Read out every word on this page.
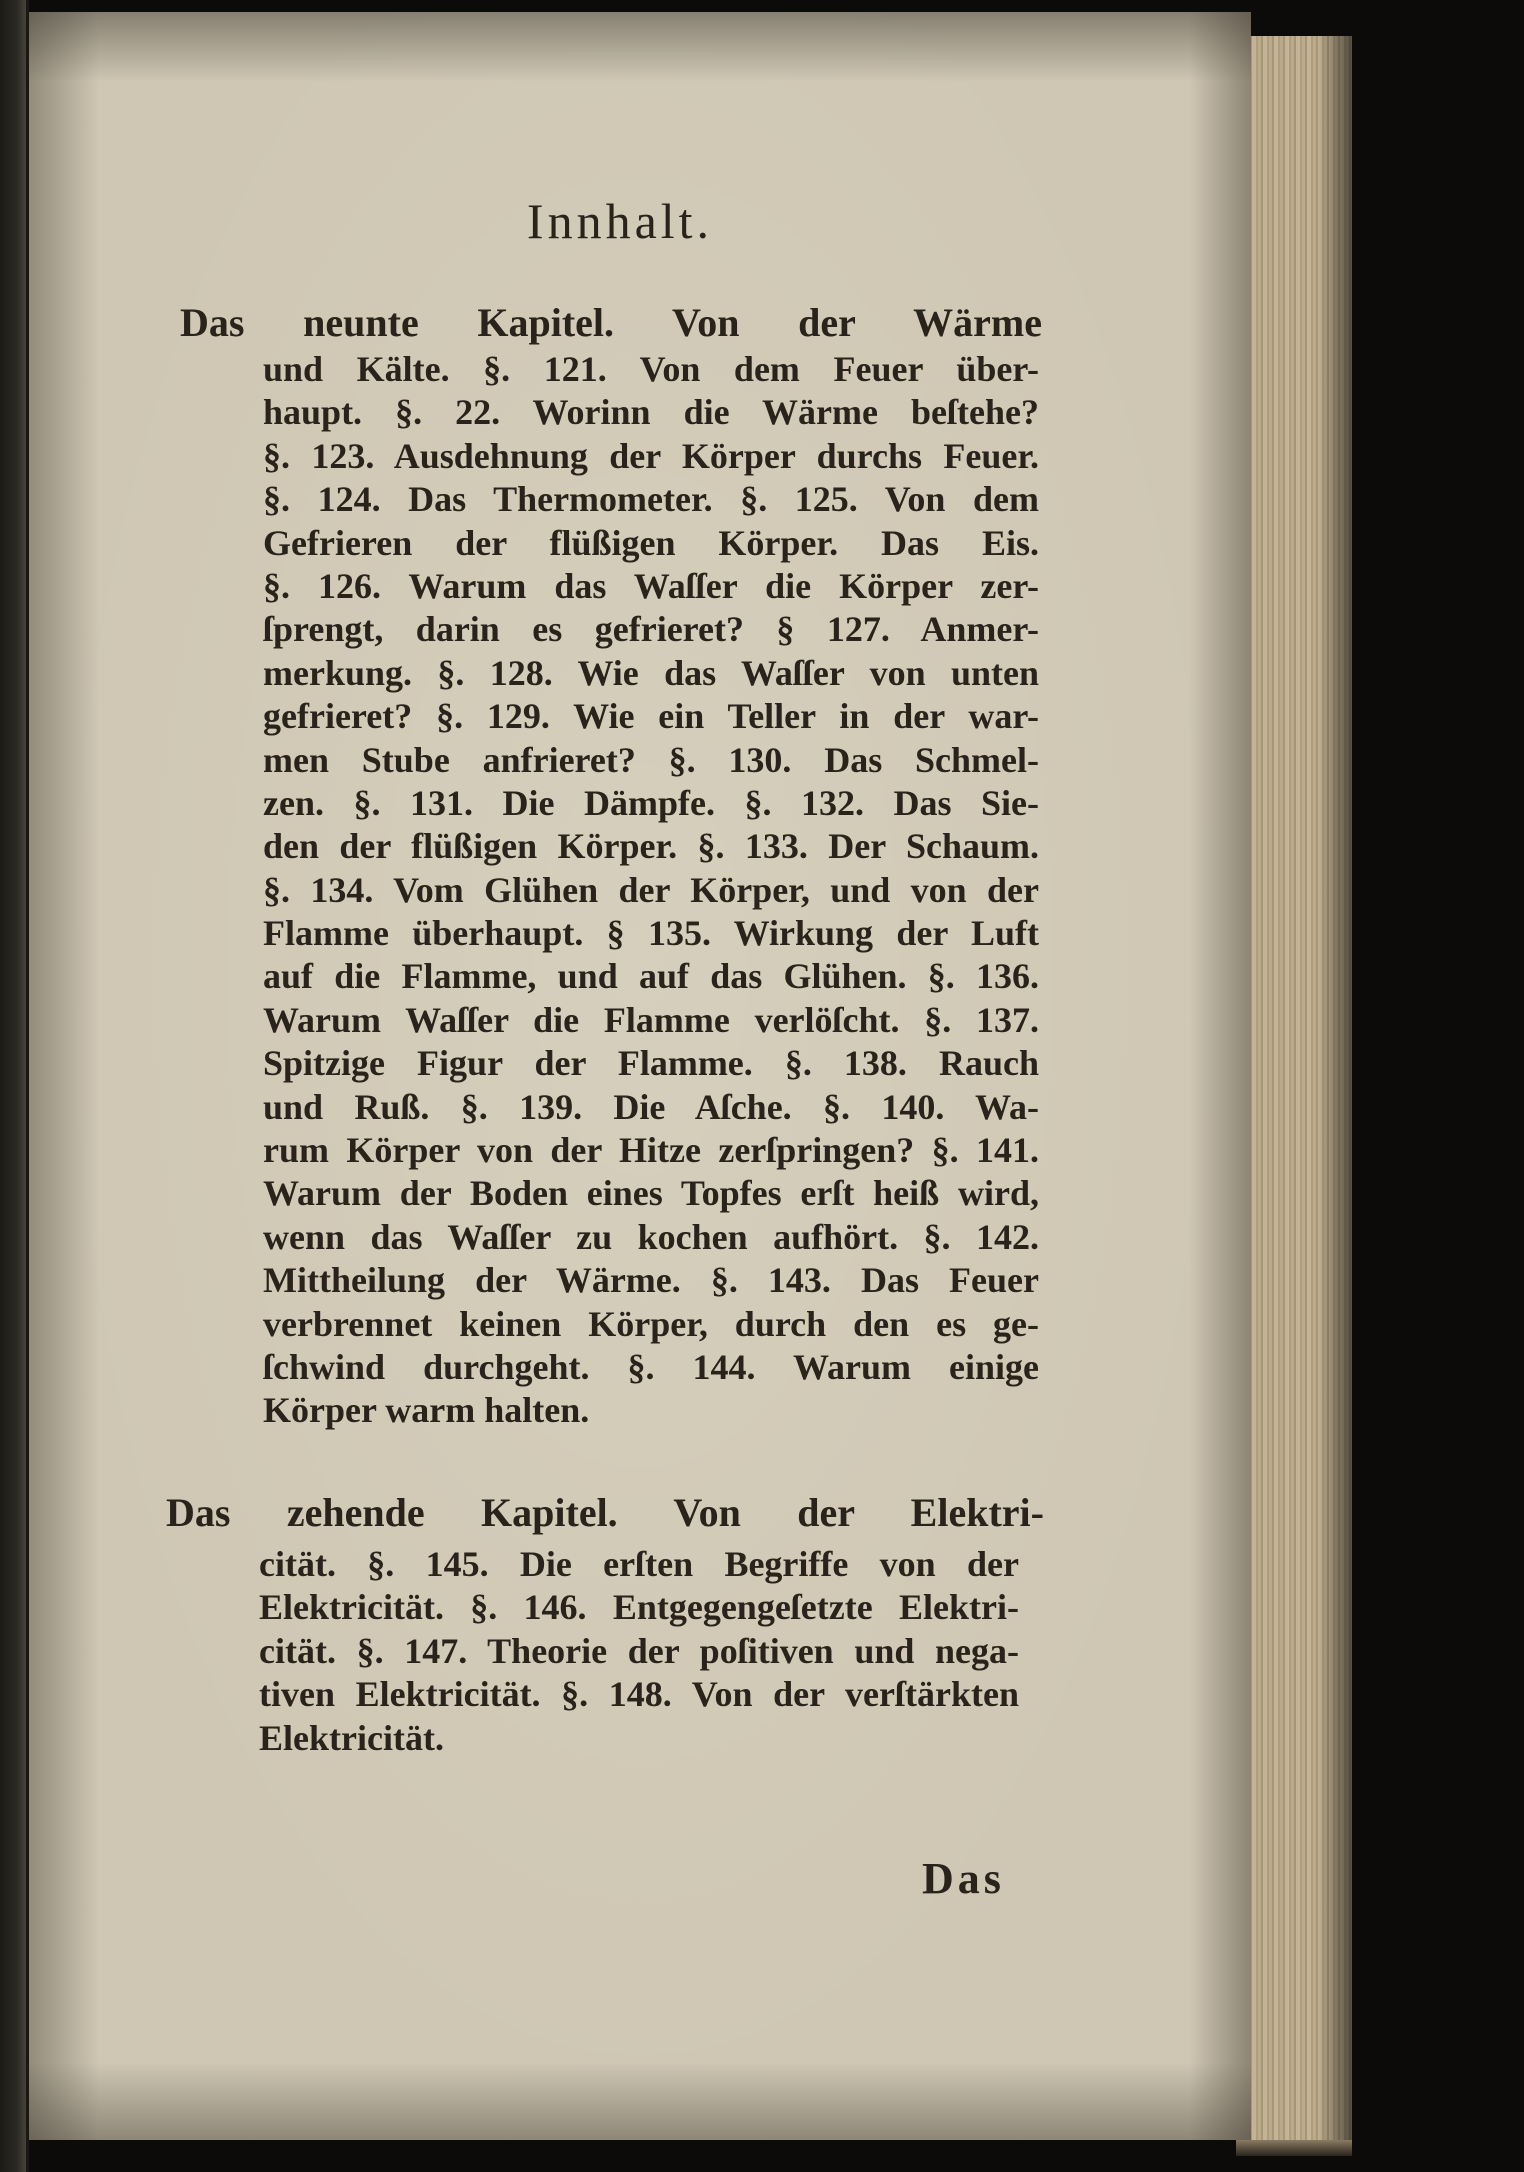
Innhalt.
Das neunte Kapitel. Von der Wärme
und Kälte. §. 121. Von dem Feuer über-
haupt. §. 22. Worinn die Wärme beſtehe?
§. 123. Ausdehnung der Körper durchs Feuer.
§. 124. Das Thermometer. §. 125. Von dem
Gefrieren der flüßigen Körper. Das Eis.
§. 126. Warum das Waſſer die Körper zer-
ſprengt, darin es gefrieret? § 127. Anmer-
merkung. §. 128. Wie das Waſſer von unten
gefrieret? §. 129. Wie ein Teller in der war-
men Stube anfrieret? §. 130. Das Schmel-
zen. §. 131. Die Dämpfe. §. 132. Das Sie-
den der flüßigen Körper. §. 133. Der Schaum.
§. 134. Vom Glühen der Körper, und von der
Flamme überhaupt. § 135. Wirkung der Luft
auf die Flamme, und auf das Glühen. §. 136.
Warum Waſſer die Flamme verlöſcht. §. 137.
Spitzige Figur der Flamme. §. 138. Rauch
und Ruß. §. 139. Die Aſche. §. 140. Wa-
rum Körper von der Hitze zerſpringen? §. 141.
Warum der Boden eines Topfes erſt heiß wird,
wenn das Waſſer zu kochen aufhört. §. 142.
Mittheilung der Wärme. §. 143. Das Feuer
verbrennet keinen Körper, durch den es ge-
ſchwind durchgeht. §. 144. Warum einige
Körper warm halten.
Das zehende Kapitel. Von der Elektri-
cität. §. 145. Die erſten Begriffe von der
Elektricität. §. 146. Entgegengeſetzte Elektri-
cität. §. 147. Theorie der poſitiven und nega-
tiven Elektricität. §. 148. Von der verſtärkten
Elektricität.
Das
